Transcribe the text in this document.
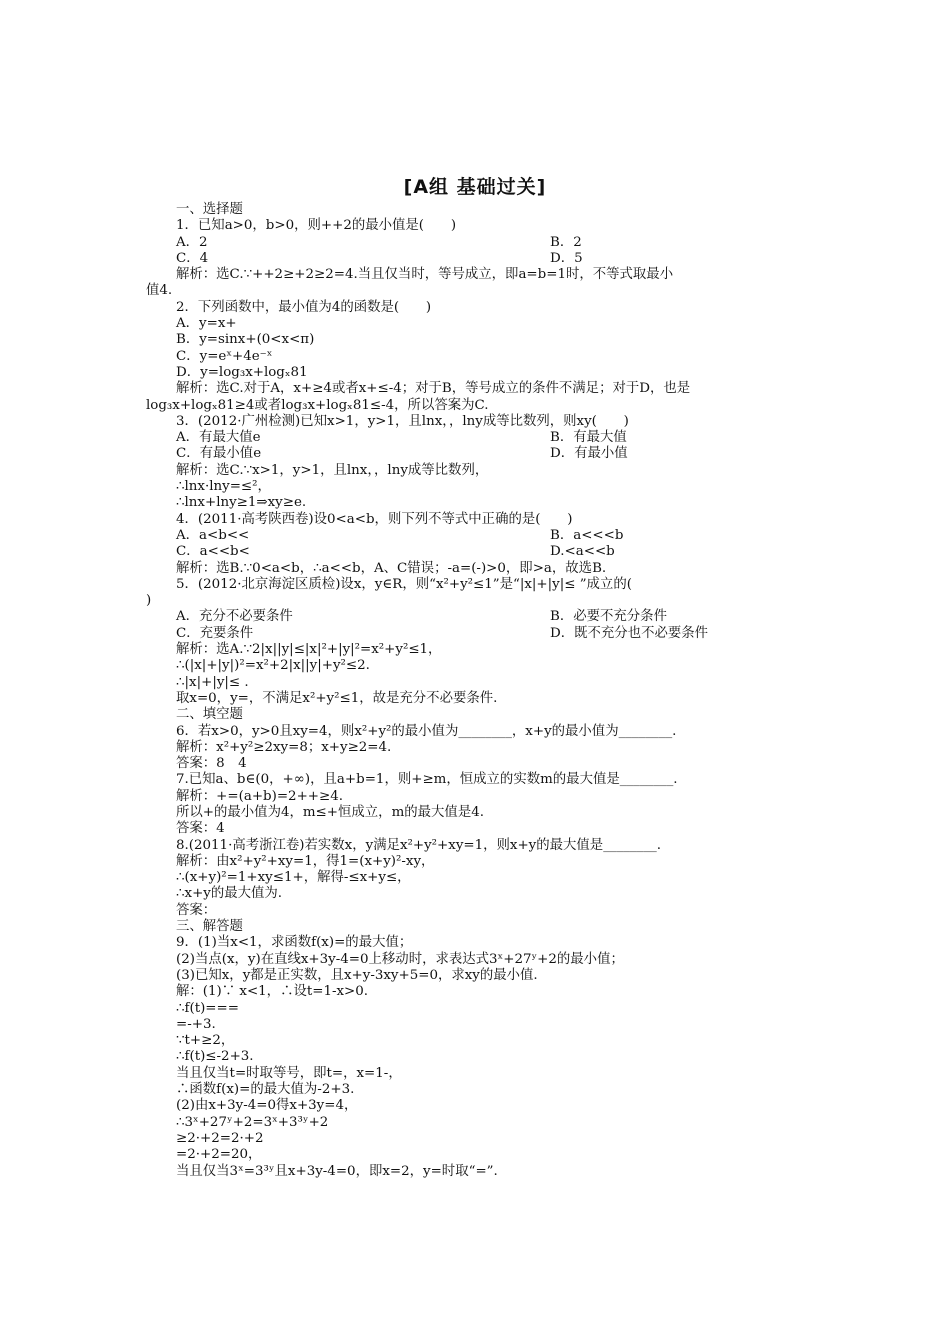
[A组 基础过关]
一、选择题
1．已知a>0，b>0，则++2的最小值是(　　)
A．2	B．2
C．4	D．5
解析：选C.∵++2≥+2≥2=4.当且仅当时，等号成立，即a=b=1时，不等式取最小
值4.
2．下列函数中，最小值为4的函数是(　　)
A．y=x+
B．y=sinx+(0<x<π)
C．y=eˣ+4e⁻ˣ
D．y=log₃x+logₓ81
解析：选C.对于A，x+≥4或者x+≤-4；对于B，等号成立的条件不满足；对于D，也是
log₃x+logₓ81≥4或者log₃x+logₓ81≤-4，所以答案为C.
3．(2012·广州检测)已知x>1，y>1，且lnx，，lny成等比数列，则xy(　　)
A．有最大值e	B．有最大值
C．有最小值e	D．有最小值
解析：选C.∵x>1，y>1，且lnx，，lny成等比数列，
∴lnx·lny=≤²，
∴lnx+lny≥1⇒xy≥e.
4．(2011·高考陕西卷)设0<a<b，则下列不等式中正确的是(　　)
A．a<b<<	B．a<<<b
C．a<<b<	D.<a<<b
解析：选B.∵0<a<b，∴a<<b，A、C错误；-a=(-)>0，即>a，故选B.
5．(2012·北京海淀区质检)设x，y∈R，则“x²+y²≤1”是“|x|+|y|≤ ”成立的(
)
A．充分不必要条件	B．必要不充分条件
C．充要条件	D．既不充分也不必要条件
解析：选A.∵2|x||y|≤|x|²+|y|²=x²+y²≤1，
∴(|x|+|y|)²=x²+2|x||y|+y²≤2.
∴|x|+|y|≤ .
取x=0，y=，不满足x²+y²≤1，故是充分不必要条件.
二、填空题
6．若x>0，y>0且xy=4，则x²+y²的最小值为________，x+y的最小值为________.
解析：x²+y²≥2xy=8；x+y≥2=4.
答案：8　4
7.已知a、b∈(0，+∞)，且a+b=1，则+≥m，恒成立的实数m的最大值是________.
解析：+=(a+b)=2++≥4.
所以+的最小值为4，m≤+恒成立，m的最大值是4.
答案：4
8.(2011·高考浙江卷)若实数x，y满足x²+y²+xy=1，则x+y的最大值是________.
解析：由x²+y²+xy=1，得1=(x+y)²-xy，
∴(x+y)²=1+xy≤1+，解得-≤x+y≤，
∴x+y的最大值为.
答案：
三、解答题
9．(1)当x<1，求函数f(x)=的最大值；
(2)当点(x，y)在直线x+3y-4=0上移动时，求表达式3ˣ+27ʸ+2的最小值；
(3)已知x，y都是正实数，且x+y-3xy+5=0，求xy的最小值.
解：(1)∵ x<1，∴设t=1-x>0.
∴f(t)===
=-+3.
∵t+≥2，
∴f(t)≤-2+3.
当且仅当t=时取等号，即t=，x=1-，
∴函数f(x)=的最大值为-2+3.
(2)由x+3y-4=0得x+3y=4，
∴3ˣ+27ʸ+2=3ˣ+3³ʸ+2
≥2·+2=2·+2
=2·+2=20，
当且仅当3ˣ=3³ʸ且x+3y-4=0，即x=2，y=时取“=”.
